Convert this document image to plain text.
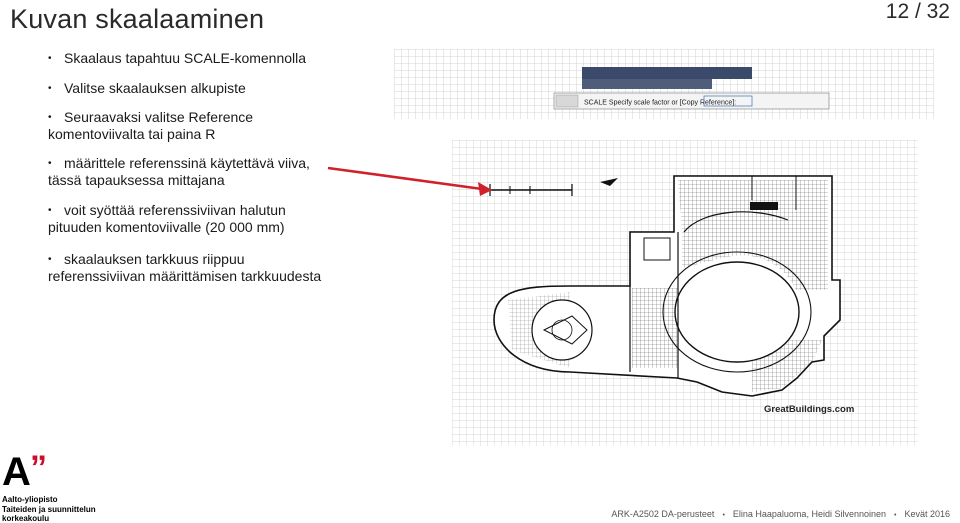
Kuvan skaalaaminen	12 / 32
• Skaalaus tapahtuu SCALE-komennolla
• Valitse skaalauksen alkupiste
• Seuraavaksi valitse Reference
komentoviivalta tai paina R
• määrittele referenssinä käytettävä viiva,
tässä tapauksessa mittajana
• voit syöttää referenssiviivan halutun
pituuden komentoviivalle (20 000 mm)
• skaalauksen tarkkuus riippuu
referenssiviivan määrittämisen tarkkuudesta
SCALE Specify scale factor or [Copy Reference]:
GreatBuildings.com
A ”
Aalto-yliopisto
Taiteiden ja suunnittelun
korkeakoulu	ARK-A2502 DA-perusteet • Elina Haapaluoma, Heidi Silvennoinen • Kevät 2016
